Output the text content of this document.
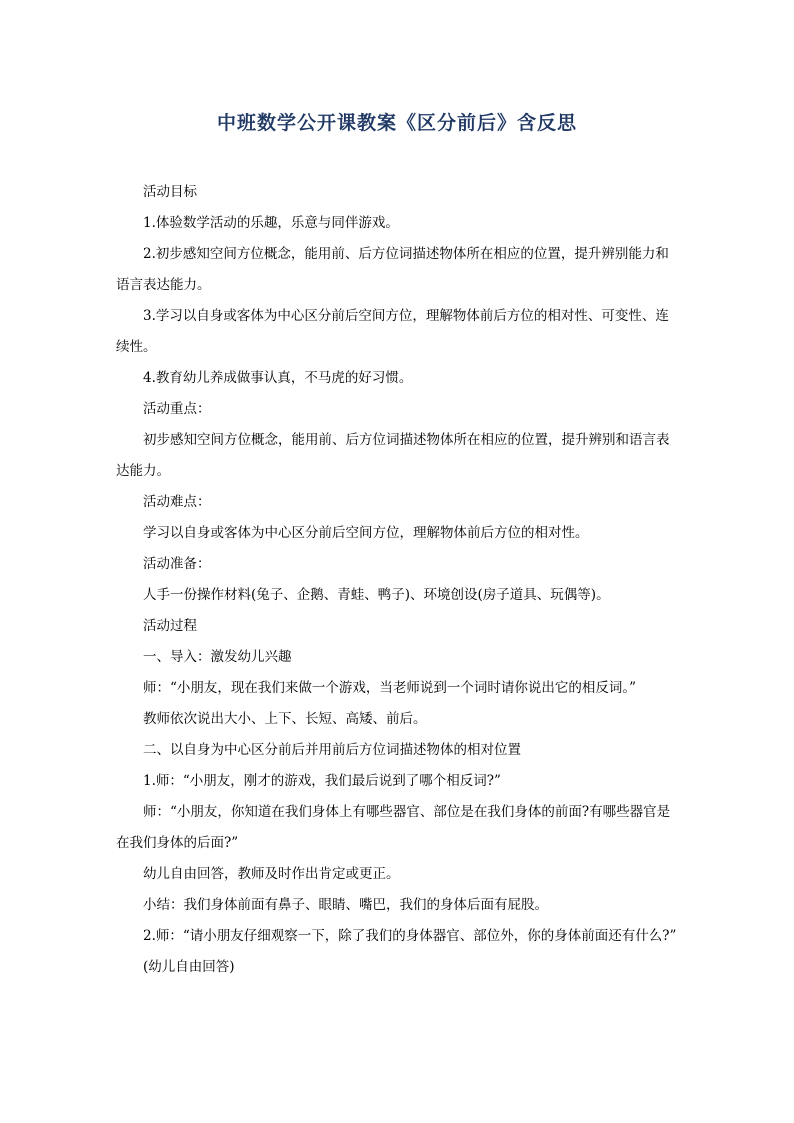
中班数学公开课教案《区分前后》含反思

活动目标

1.体验数学活动的乐趣，乐意与同伴游戏。

2.初步感知空间方位概念，能用前、后方位词描述物体所在相应的位置，提升辨别能力和语言表达能力。

3.学习以自身或客体为中心区分前后空间方位，理解物体前后方位的相对性、可变性、连续性。

4.教育幼儿养成做事认真，不马虎的好习惯。

活动重点：

初步感知空间方位概念，能用前、后方位词描述物体所在相应的位置，提升辨别和语言表达能力。

活动难点：

学习以自身或客体为中心区分前后空间方位，理解物体前后方位的相对性。

活动准备：

人手一份操作材料(兔子、企鹅、青蛙、鸭子)、环境创设(房子道具、玩偶等)。

活动过程

一、导入：激发幼儿兴趣

师：“小朋友，现在我们来做一个游戏，当老师说到一个词时请你说出它的相反词。”

教师依次说出大小、上下、长短、高矮、前后。

二、以自身为中心区分前后并用前后方位词描述物体的相对位置

1.师：“小朋友，刚才的游戏，我们最后说到了哪个相反词?”

师：“小朋友，你知道在我们身体上有哪些器官、部位是在我们身体的前面?有哪些器官是在我们身体的后面?”

幼儿自由回答，教师及时作出肯定或更正。

小结：我们身体前面有鼻子、眼睛、嘴巴，我们的身体后面有屁股。

2.师：“请小朋友仔细观察一下，除了我们的身体器官、部位外，你的身体前面还有什么?”

(幼儿自由回答)
